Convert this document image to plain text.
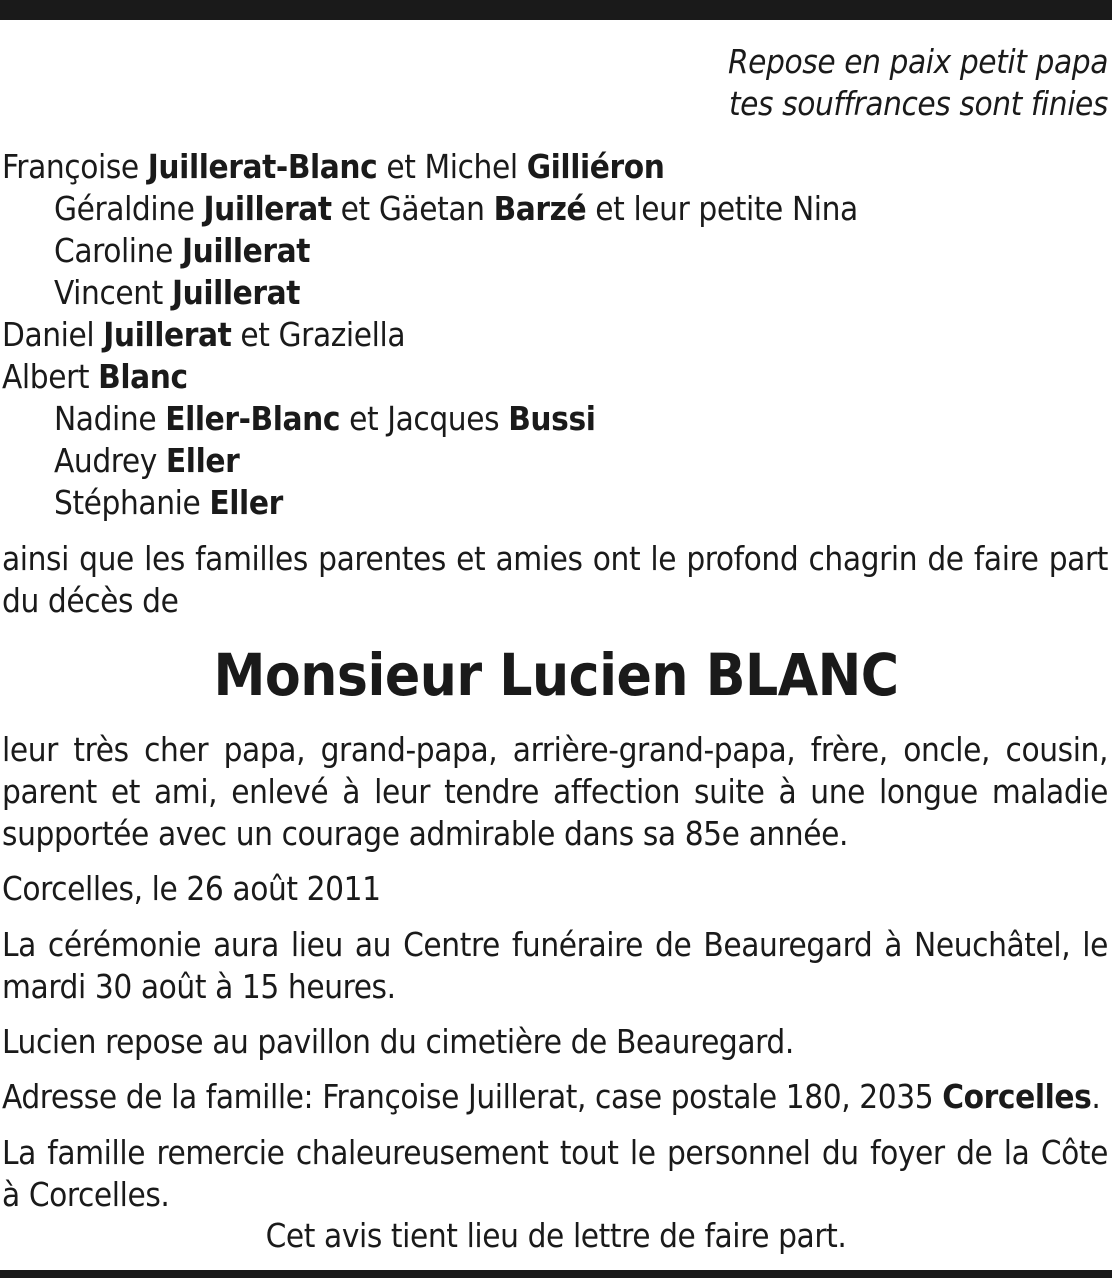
Repose en paix petit papa
tes souffrances sont finies
Françoise Juillerat-Blanc et Michel Gilliéron
Géraldine Juillerat et Gäetan Barzé et leur petite Nina
Caroline Juillerat
Vincent Juillerat
Daniel Juillerat et Graziella
Albert Blanc
Nadine Eller-Blanc et Jacques Bussi
Audrey Eller
Stéphanie Eller
ainsi que les familles parentes et amies ont le profond chagrin de faire part du décès de
Monsieur Lucien BLANC
leur très cher papa, grand-papa, arrière-grand-papa, frère, oncle, cousin, parent et ami, enlevé à leur tendre affection suite à une longue maladie supportée avec un courage admirable dans sa 85e année.
Corcelles, le 26 août 2011
La cérémonie aura lieu au Centre funéraire de Beauregard à Neuchâtel, le mardi 30 août à 15 heures.
Lucien repose au pavillon du cimetière de Beauregard.
Adresse de la famille: Françoise Juillerat, case postale 180, 2035 Corcelles.
La famille remercie chaleureusement tout le personnel du foyer de la Côte à Corcelles.
Cet avis tient lieu de lettre de faire part.
